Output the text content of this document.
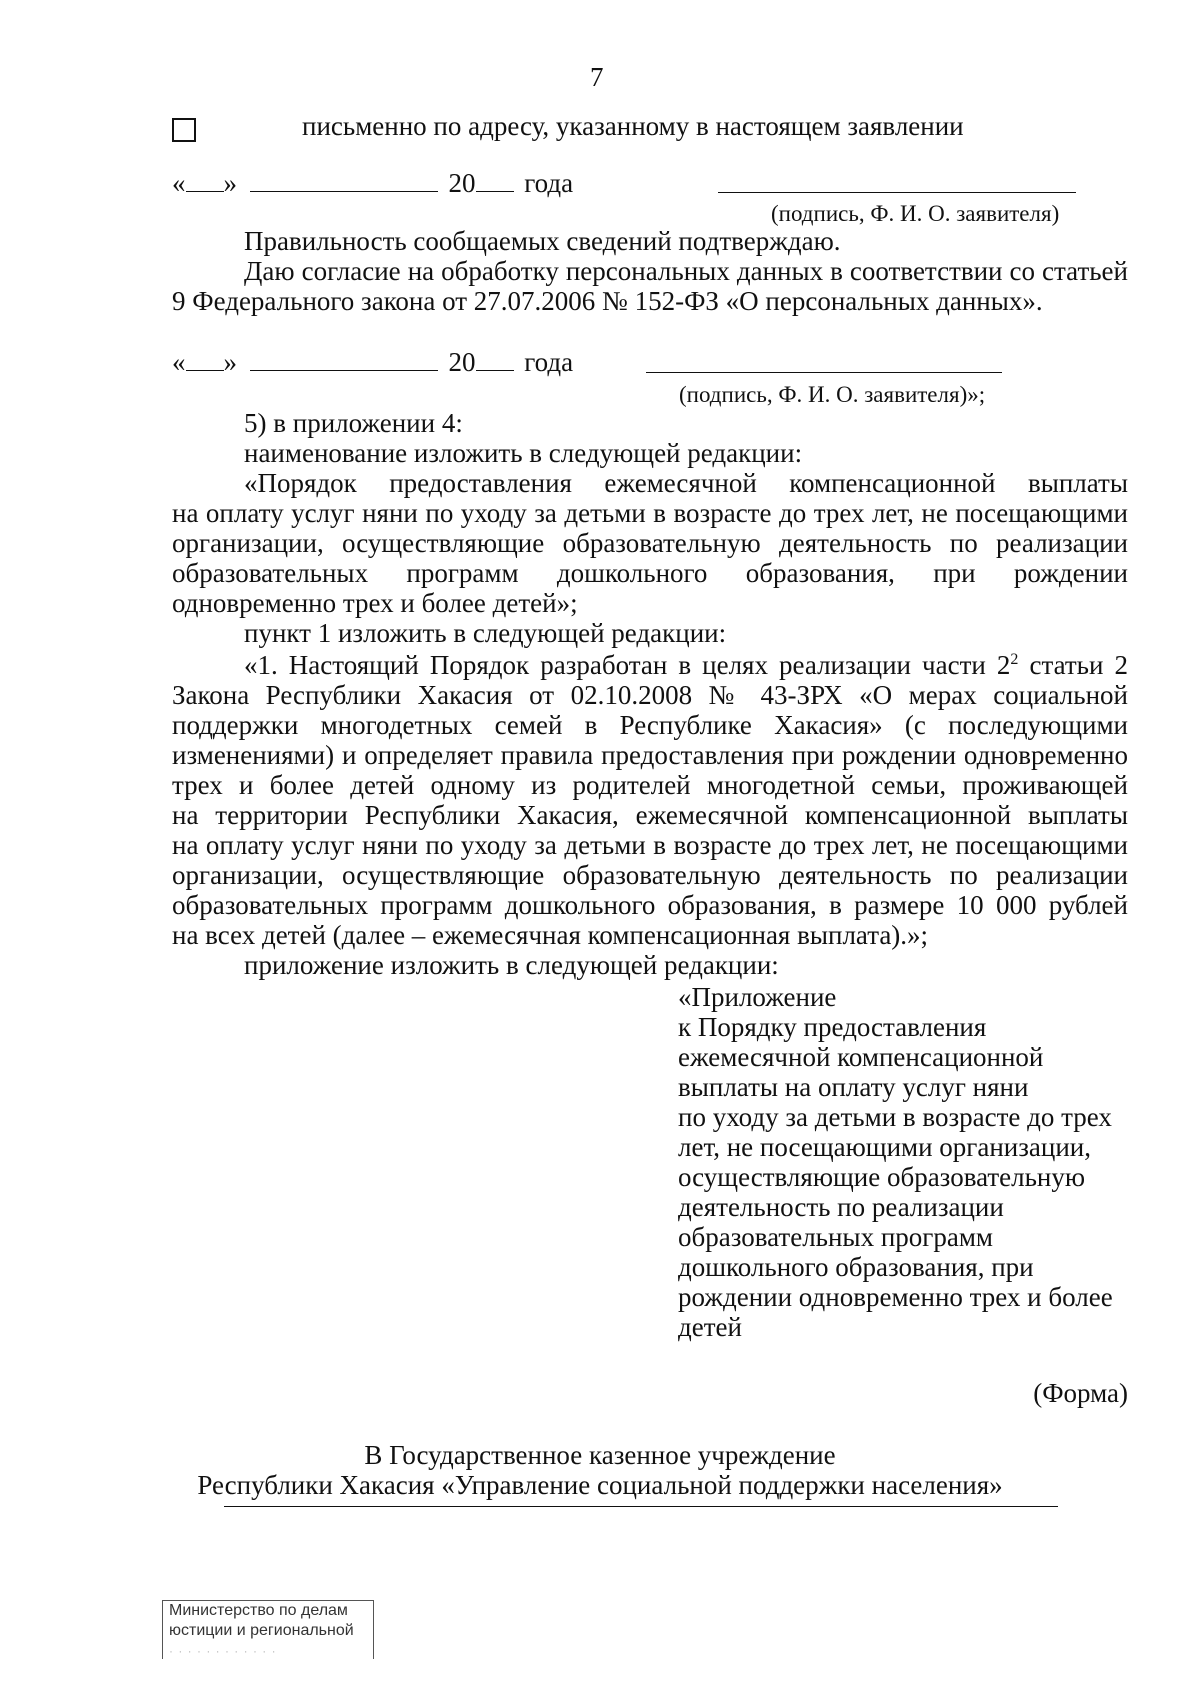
7
письменно по адресу, указанному в настоящем заявлении
« »	20 года
(подпись, Ф. И. О. заявителя)
Правильность сообщаемых сведений подтверждаю.
Даю согласие на обработку персональных данных в соответствии со статьей
9 Федерального закона от 27.07.2006 № 152-ФЗ «О персональных данных».
« »	20 года
(подпись, Ф. И. О. заявителя)»;
5) в приложении 4:
наименование изложить в следующей редакции:
«Порядок предоставления ежемесячной компенсационной выплаты
на оплату услуг няни по уходу за детьми в возрасте до трех лет, не посещающими
организации, осуществляющие образовательную деятельность по реализации
образовательных программ дошкольного образования, при рождении
одновременно трех и более детей»;
пункт 1 изложить в следующей редакции:
«1. Настоящий Порядок разработан в целях реализации части $2^2$ статьи 2
Закона Республики Хакасия от 02.10.2008 № 43-ЗРХ «О мерах социальной
поддержки многодетных семей в Республике Хакасия» (с последующими
изменениями) и определяет правила предоставления при рождении одновременно
трех и более детей одному из родителей многодетной семьи, проживающей
на территории Республики Хакасия, ежемесячной компенсационной выплаты
на оплату услуг няни по уходу за детьми в возрасте до трех лет, не посещающими
организации, осуществляющие образовательную деятельность по реализации
образовательных программ дошкольного образования, в размере 10 000 рублей
на всех детей (далее – ежемесячная компенсационная выплата).»;
приложение изложить в следующей редакции:
«Приложение
к Порядку предоставления
ежемесячной компенсационной
выплаты на оплату услуг няни
по уходу за детьми в возрасте до трех
лет, не посещающими организации,
осуществляющие образовательную
деятельность по реализации
образовательных программ
дошкольного образования, при
рождении одновременно трех и более
детей
(Форма)
В Государственное казенное учреждение
Республики Хакасия «Управление социальной поддержки населения»
Министерство по делам
юстиции и региональной
· · · · · · · · · · · ·
